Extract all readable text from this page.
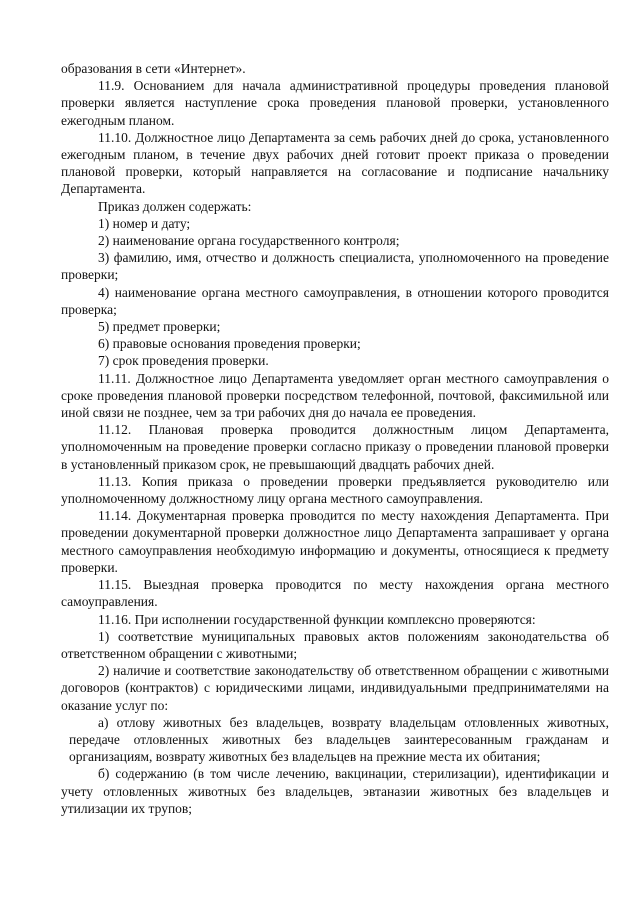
образования в сети «Интернет».

11.9. Основанием для начала административной процедуры проведения плановой проверки является наступление срока проведения плановой проверки, установленного ежегодным планом.

11.10. Должностное лицо Департамента за семь рабочих дней до срока, установленного ежегодным планом, в течение двух рабочих дней готовит проект приказа о проведении плановой проверки, который направляется на согласование и подписание начальнику Департамента.

Приказ должен содержать:

1) номер и дату;

2) наименование органа государственного контроля;

3) фамилию, имя, отчество и должность специалиста, уполномоченного на проведение проверки;

4) наименование органа местного самоуправления, в отношении которого проводится проверка;

5) предмет проверки;

6) правовые основания проведения проверки;

7) срок проведения проверки.

11.11. Должностное лицо Департамента уведомляет орган местного самоуправления о сроке проведения плановой проверки посредством телефонной, почтовой, факсимильной или иной связи не позднее, чем за три рабочих дня до начала ее проведения.

11.12. Плановая проверка проводится должностным лицом Департамента, уполномоченным на проведение проверки согласно приказу о проведении плановой проверки в установленный приказом срок, не превышающий двадцать рабочих дней.

11.13. Копия приказа о проведении проверки предъявляется руководителю или уполномоченному должностному лицу органа местного самоуправления.

11.14. Документарная проверка проводится по месту нахождения Департамента. При проведении документарной проверки должностное лицо Департамента запрашивает у органа местного самоуправления необходимую информацию и документы, относящиеся к предмету проверки.

11.15. Выездная проверка проводится по месту нахождения органа местного самоуправления.

11.16. При исполнении государственной функции комплексно проверяются:

1) соответствие муниципальных правовых актов положениям законодательства об ответственном обращении с животными;

2) наличие и соответствие законодательству об ответственном обращении с животными договоров (контрактов) с юридическими лицами, индивидуальными предпринимателями на оказание услуг по:

а) отлову животных без владельцев, возврату владельцам отловленных животных, передаче отловленных животных без владельцев заинтересованным гражданам и организациям, возврату животных без владельцев на прежние места их обитания;

б) содержанию (в том числе лечению, вакцинации, стерилизации), идентификации и учету отловленных животных без владельцев, эвтаназии животных без владельцев и утилизации их трупов;
